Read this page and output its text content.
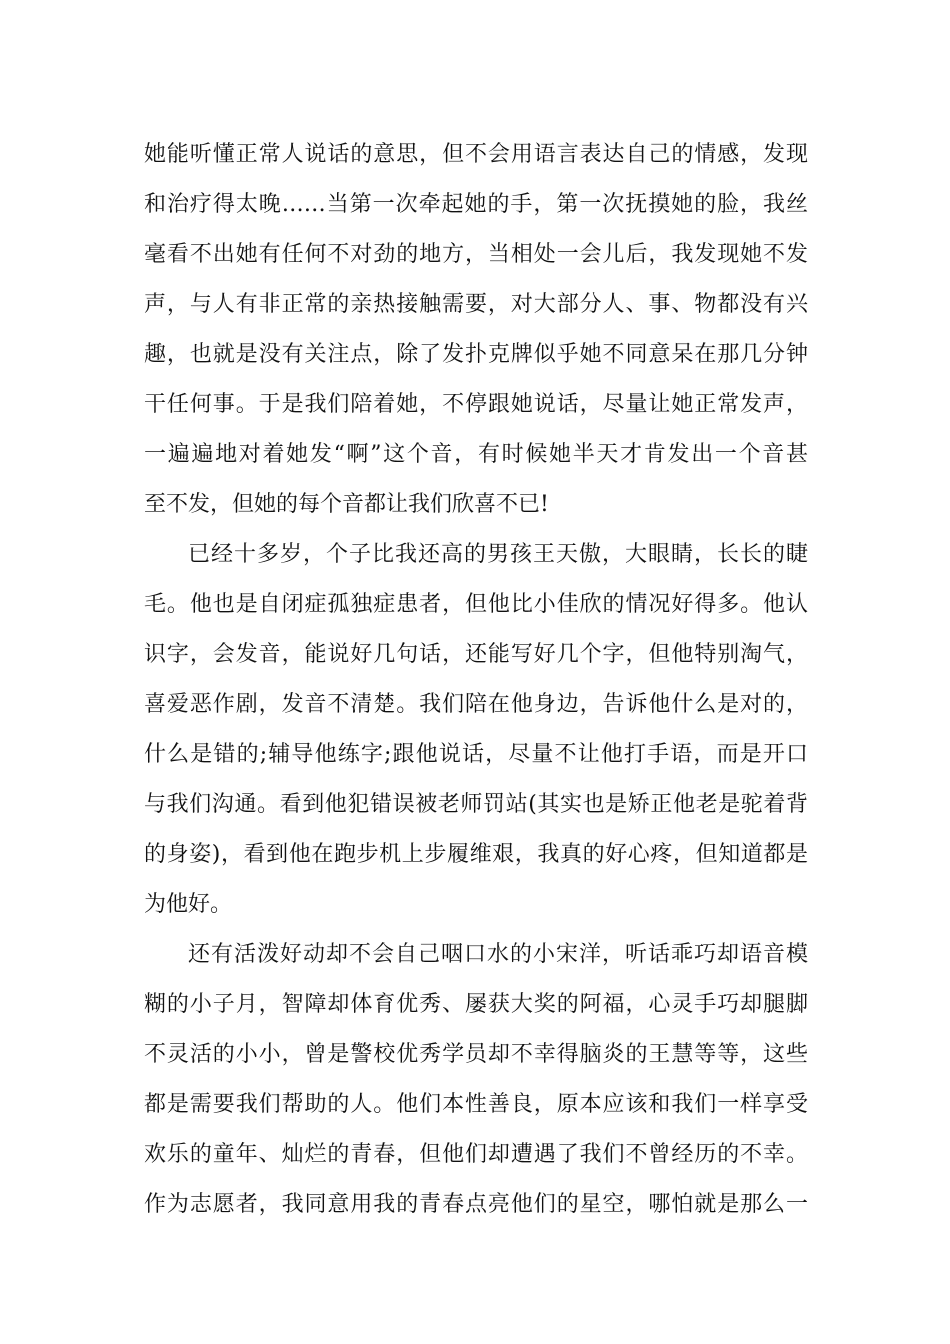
她能听懂正常人说话的意思，但不会用语言表达自己的情感，发现
和治疗得太晚……当第一次牵起她的手，第一次抚摸她的脸，我丝
毫看不出她有任何不对劲的地方，当相处一会儿后，我发现她不发
声，与人有非正常的亲热接触需要，对大部分人、事、物都没有兴
趣，也就是没有关注点，除了发扑克牌似乎她不同意呆在那几分钟
干任何事。于是我们陪着她，不停跟她说话，尽量让她正常发声，
一遍遍地对着她发“啊”这个音，有时候她半天才肯发出一个音甚
至不发，但她的每个音都让我们欣喜不已!
已经十多岁，个子比我还高的男孩王天傲，大眼睛，长长的睫
毛。他也是自闭症孤独症患者，但他比小佳欣的情况好得多。他认
识字，会发音，能说好几句话，还能写好几个字，但他特别淘气，
喜爱恶作剧，发音不清楚。我们陪在他身边，告诉他什么是对的，
什么是错的;辅导他练字;跟他说话，尽量不让他打手语，而是开口
与我们沟通。看到他犯错误被老师罚站(其实也是矫正他老是驼着背
的身姿)，看到他在跑步机上步履维艰，我真的好心疼，但知道都是
为他好。
还有活泼好动却不会自己咽口水的小宋洋，听话乖巧却语音模
糊的小子月，智障却体育优秀、屡获大奖的阿福，心灵手巧却腿脚
不灵活的小小，曾是警校优秀学员却不幸得脑炎的王慧等等，这些
都是需要我们帮助的人。他们本性善良，原本应该和我们一样享受
欢乐的童年、灿烂的青春，但他们却遭遇了我们不曾经历的不幸。
作为志愿者，我同意用我的青春点亮他们的星空，哪怕就是那么一
